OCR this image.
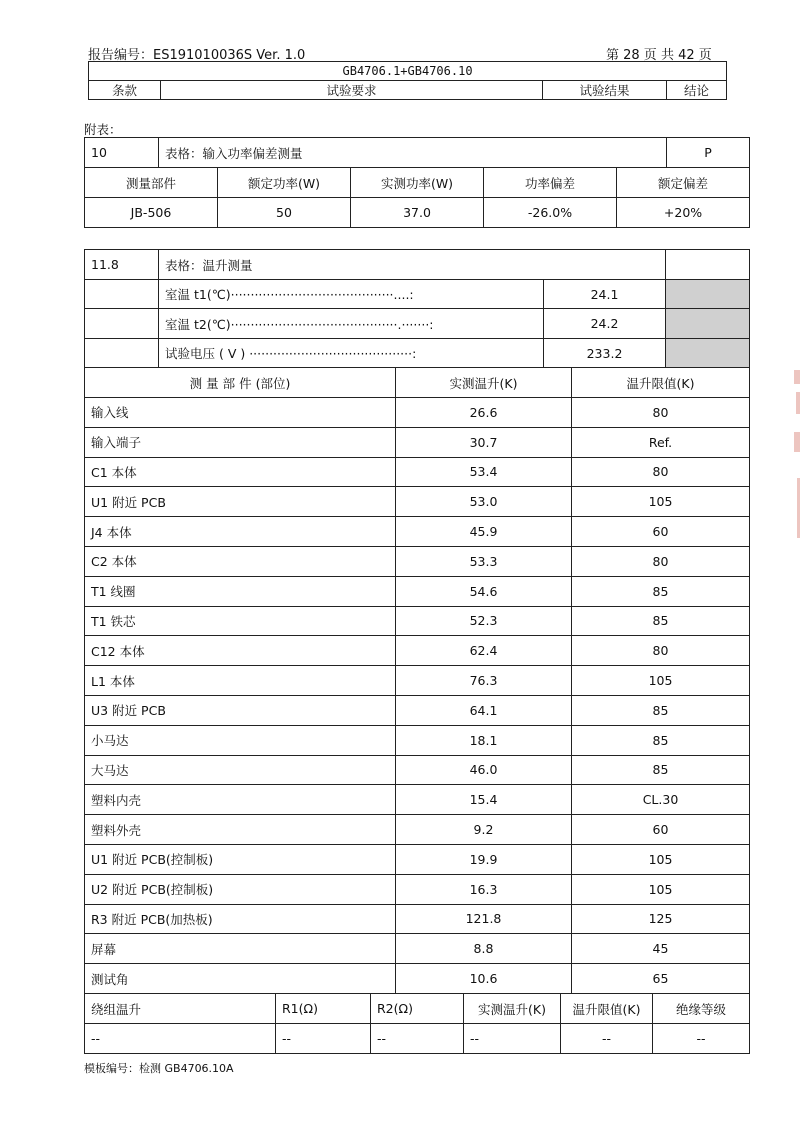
报告编号：ES191010036S Ver. 1.0	第 28 页 共 42 页
GB4706.1+GB4706.10
条款	试验要求	试验结果	结论
附表：
10	表格：输入功率偏差测量					P
测量部件		额定功率(W)	实测功率(W)	功率偏差	额定偏差	
JB-506		50	37.0	-26.0%	+20%	
11.8	表格：温升测量		
	室温 t1(℃)·········································....:	24.1	
	室温 t2(℃)··········································.·······:	24.2	
	试验电压 ( V ) ·········································:	233.2	
测 量 部 件 (部位)	实测温升(K)	温升限值(K)
输入线	26.6	80
输入端子	30.7	Ref.
C1 本体	53.4	80
U1 附近 PCB	53.0	105
J4 本体	45.9	60
C2 本体	53.3	80
T1 线圈	54.6	85
T1 铁芯	52.3	85
C12 本体	62.4	80
L1 本体	76.3	105
U3 附近 PCB	64.1	85
小马达	18.1	85
大马达	46.0	85
塑料内壳	15.4	CL.30
塑料外壳	9.2	60
U1 附近 PCB(控制板)	19.9	105
U2 附近 PCB(控制板)	16.3	105
R3 附近 PCB(加热板)	121.8	125
屏幕	8.8	45
测试角	10.6	65
绕组温升	R1(Ω)	R2(Ω)	实测温升(K)	温升限值(K)	绝缘等级
--	--	--	--	--	--
模板编号：检测 GB4706.10A
